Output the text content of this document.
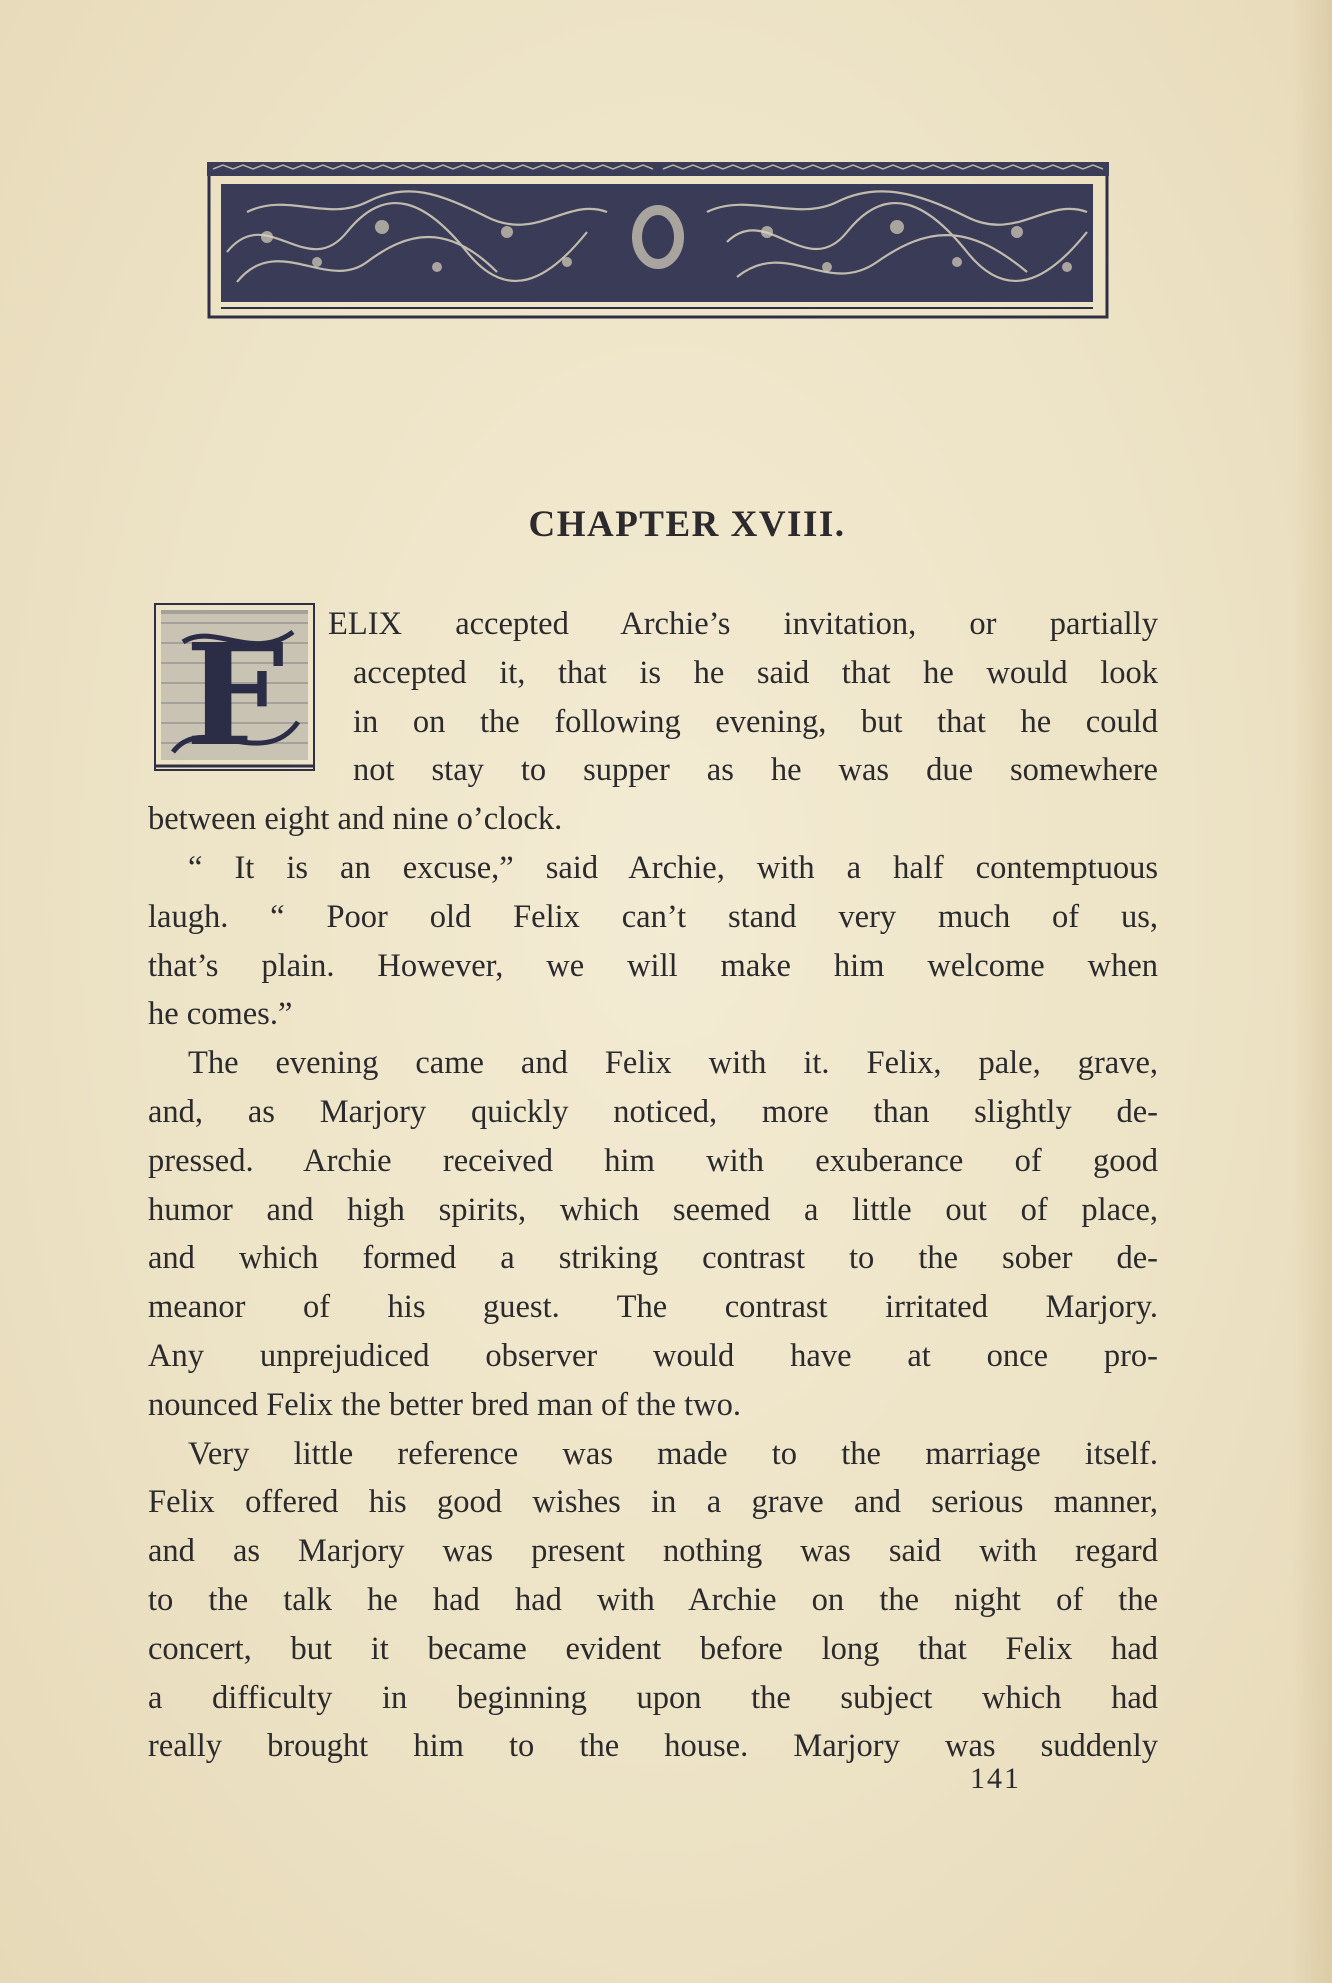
CHAPTER XVIII.
F	ELIX accepted Archie’s invitation, or partially
accepted it, that is he said that he would look
in on the following evening, but that he could
not stay to supper as he was due somewhere
between eight and nine o’clock.
“ It is an excuse,” said Archie, with a half contemptuous
laugh. “ Poor old Felix can’t stand very much of us,
that’s plain. However, we will make him welcome when
he comes.”
The evening came and Felix with it. Felix, pale, grave,
and, as Marjory quickly noticed, more than slightly de-
pressed. Archie received him with exuberance of good
humor and high spirits, which seemed a little out of place,
and which formed a striking contrast to the sober de-
meanor of his guest. The contrast irritated Marjory.
Any unprejudiced observer would have at once pro-
nounced Felix the better bred man of the two.
Very little reference was made to the marriage itself.
Felix offered his good wishes in a grave and serious manner,
and as Marjory was present nothing was said with regard
to the talk he had had with Archie on the night of the
concert, but it became evident before long that Felix had
a difficulty in beginning upon the subject which had
really brought him to the house. Marjory was suddenly
141
